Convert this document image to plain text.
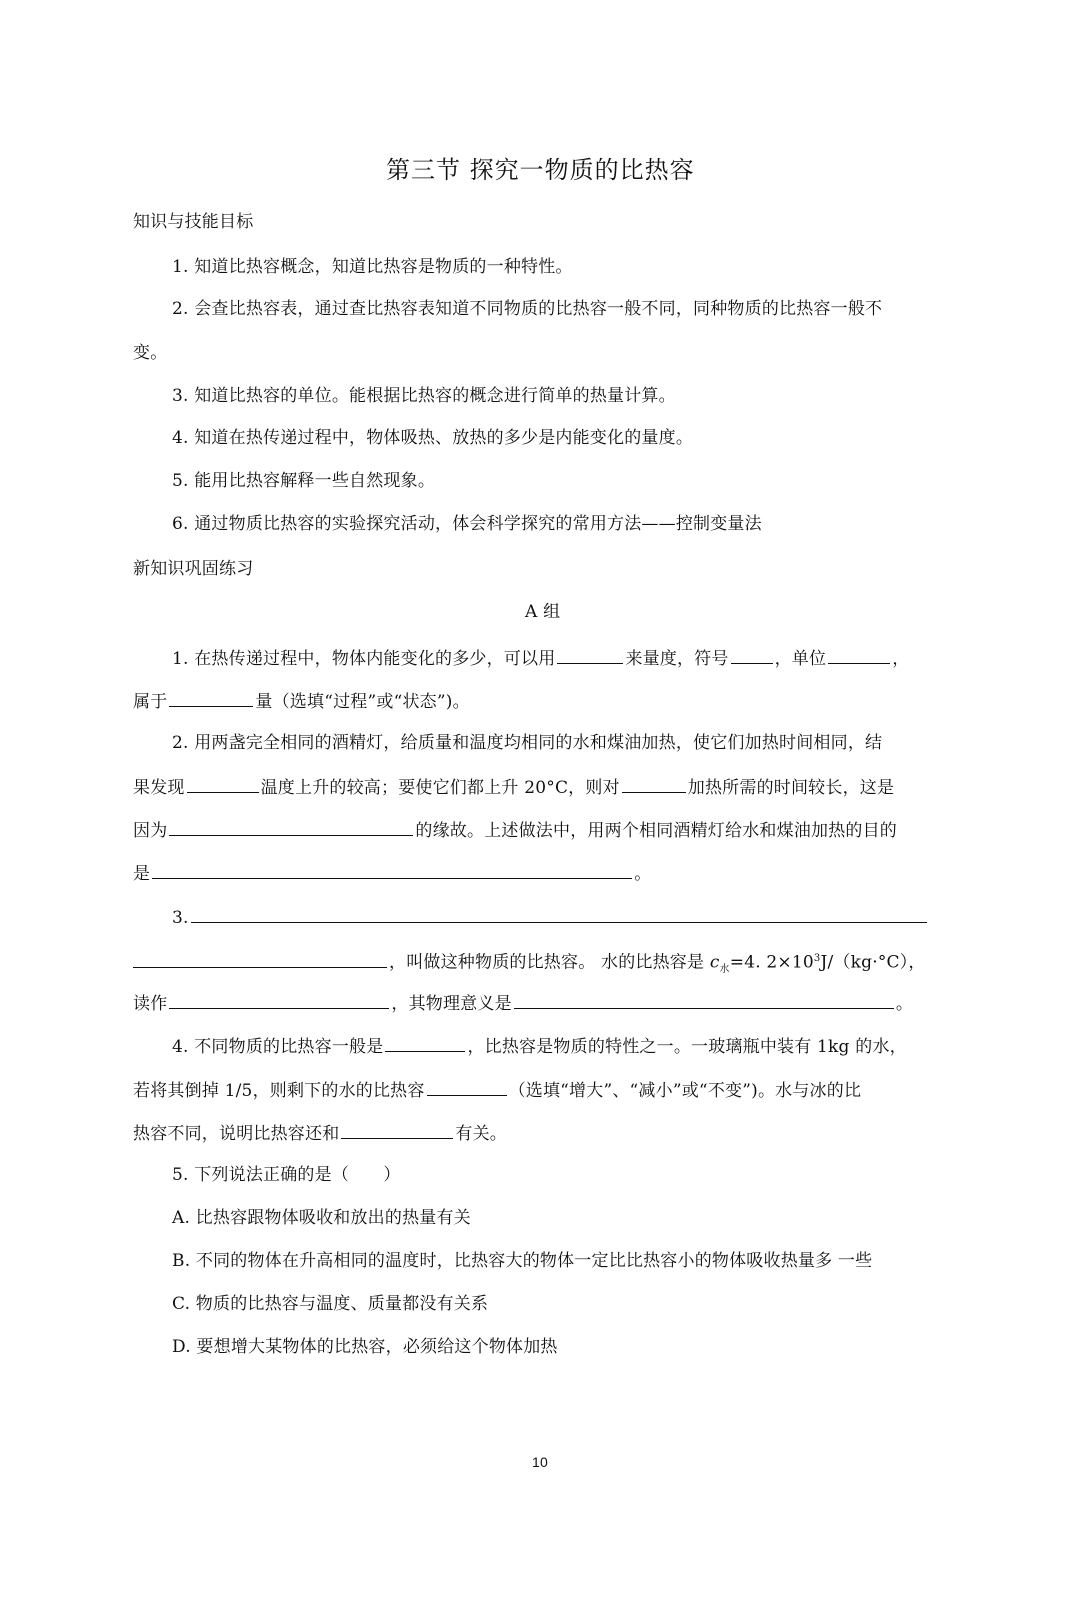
第三节 探究一物质的比热容
知识与技能目标
1. 知道比热容概念，知道比热容是物质的一种特性。
2. 会查比热容表，通过查比热容表知道不同物质的比热容一般不同，同种物质的比热容一般不
变。
3. 知道比热容的单位。能根据比热容的概念进行简单的热量计算。
4. 知道在热传递过程中，物体吸热、放热的多少是内能变化的量度。
5. 能用比热容解释一些自然现象。
6. 通过物质比热容的实验探究活动，体会科学探究的常用方法——控制变量法
新知识巩固练习
A 组
1. 在热传递过程中，物体内能变化的多少，可以用	来量度，符号	，单位	，
属于	量（选填“过程”或“状态”)。
2. 用两盏完全相同的酒精灯，给质量和温度均相同的水和煤油加热，使它们加热时间相同，结
果发现	温度上升的较高；要使它们都上升 20°C，则对	加热所需的时间较长，这是
因为	的缘故。上述做法中，用两个相同酒精灯给水和煤油加热的目的
是	。
3.
，叫做这种物质的比热容。 水的比热容是 $c_水=4$. $2\times 10^3J/(kg\cdot^\circ C)$，
读作	，其物理意义是	。
4. 不同物质的比热容一般是	，比热容是物质的特性之一。一玻璃瓶中装有 1kg 的水，
若将其倒掉 1/5，则剩下的水的比热容	（选填“增大”、“减小”或“不变”)。水与冰的比
热容不同，说明比热容还和	有关。
5. 下列说法正确的是（　　）
A. 比热容跟物体吸收和放出的热量有关
B. 不同的物体在升高相同的温度时，比热容大的物体一定比比热容小的物体吸收热量多 一些
C. 物质的比热容与温度、质量都没有关系
D. 要想增大某物体的比热容，必须给这个物体加热
10
